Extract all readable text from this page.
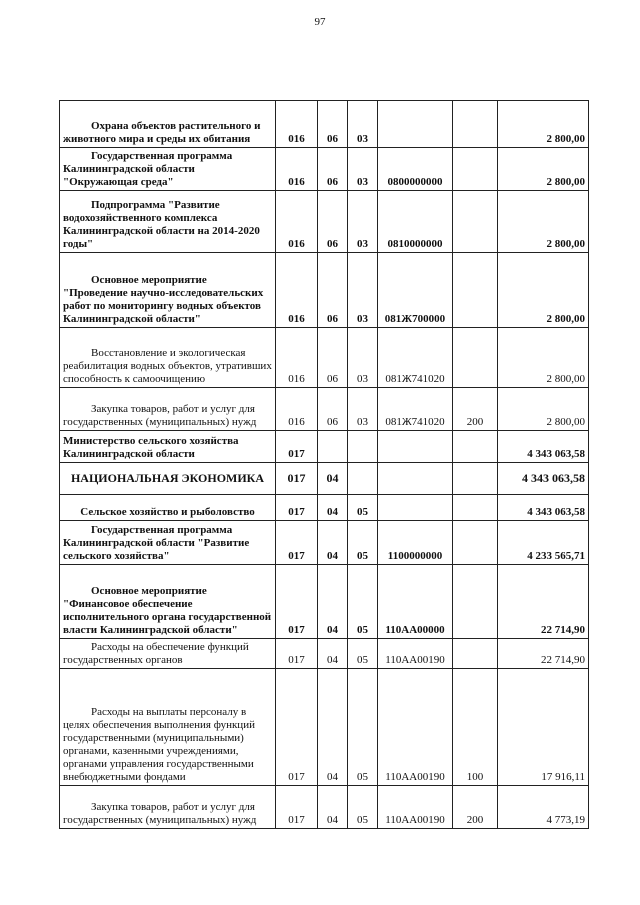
97
Охрана объектов растительного и животного мира и среды их обитания	016	06	03			2 800,00
Государственная программа Калининградской области "Окружающая среда"	016	06	03	0800000000		2 800,00
Подпрограмма "Развитие водохозяйственного комплекса Калининградской области на 2014-2020 годы"	016	06	03	0810000000		2 800,00
Основное мероприятие "Проведение научно-исследовательских работ по мониторингу водных объектов Калининградской области"	016	06	03	081Ж700000		2 800,00
Восстановление и экологическая реабилитация водных объектов, утративших способность к самоочищению	016	06	03	081Ж741020		2 800,00
Закупка товаров, работ и услуг для государственных (муниципальных) нужд	016	06	03	081Ж741020	200	2 800,00
Министерство сельского хозяйства Калининградской области	017					4 343 063,58
НАЦИОНАЛЬНАЯ ЭКОНОМИКА	017	04				4 343 063,58
Сельское хозяйство и рыболовство	017	04	05			4 343 063,58
Государственная программа Калининградской области "Развитие сельского хозяйства"	017	04	05	1100000000		4 233 565,71
Основное мероприятие "Финансовое обеспечение исполнительного органа государственной власти Калининградской области"	017	04	05	110АА00000		22 714,90
Расходы на обеспечение функций государственных органов	017	04	05	110АА00190		22 714,90
Расходы на выплаты персоналу в целях обеспечения выполнения функций государственными (муниципальными) органами, казенными учреждениями, органами управления государственными внебюджетными фондами	017	04	05	110АА00190	100	17 916,11
Закупка товаров, работ и услуг для государственных (муниципальных) нужд	017	04	05	110АА00190	200	4 773,19
